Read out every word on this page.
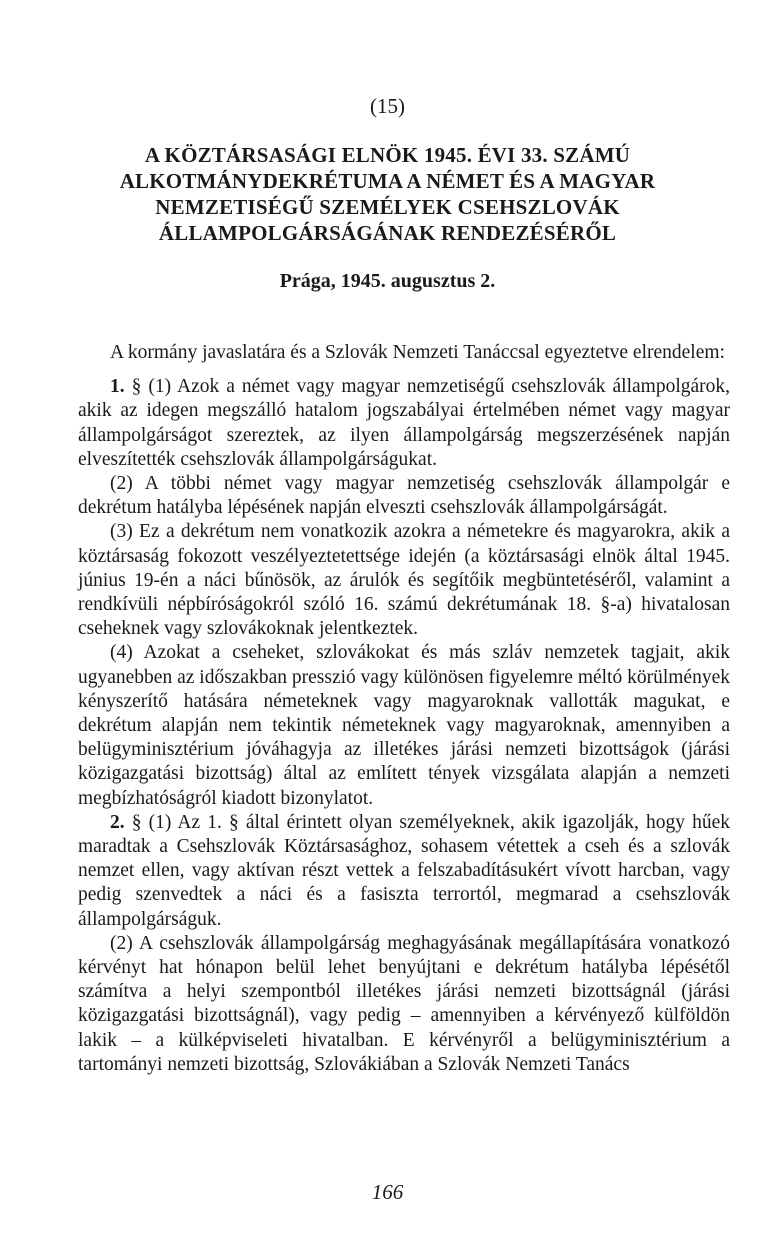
(15)
A KÖZTÁRSASÁGI ELNÖK 1945. ÉVI 33. SZÁMÚ
ALKOTMÁNYDEKRÉTUMA A NÉMET ÉS A MAGYAR
NEMZETISÉGŰ SZEMÉLYEK CSEHSZLOVÁK
ÁLLAMPOLGÁRSÁGÁNAK RENDEZÉSÉRŐL
Prága, 1945. augusztus 2.

A kormány javaslatára és a Szlovák Nemzeti Tanáccsal egyeztetve elrendelem:

1. § (1) Azok a német vagy magyar nemzetiségű csehszlovák állampolgárok, akik az idegen megszálló hatalom jogszabályai értelmében német vagy magyar állampolgárságot szereztek, az ilyen állampolgárság megszerzésének napján elveszítették csehszlovák állampolgárságukat.

(2) A többi német vagy magyar nemzetiség csehszlovák állampolgár e dekrétum hatályba lépésének napján elveszti csehszlovák állampolgárságát.

(3) Ez a dekrétum nem vonatkozik azokra a németekre és magyarokra, akik a köztársaság fokozott veszélyeztetettsége idején (a köztársasági elnök által 1945. június 19-én a náci bűnösök, az árulók és segítőik megbüntetéséről, valamint a rendkívüli népbíróságokról szóló 16. számú dekrétumának 18. §-a) hivatalosan cseheknek vagy szlovákoknak jelentkeztek.

(4) Azokat a cseheket, szlovákokat és más szláv nemzetek tagjait, akik ugyanebben az időszakban presszió vagy különösen figyelemre méltó körülmények kényszerítő hatására németeknek vagy magyaroknak vallották magukat, e dekrétum alapján nem tekintik németeknek vagy magyaroknak, amennyiben a belügyminisztérium jóváhagyja az illetékes járási nemzeti bizottságok (járási közigazgatási bizottság) által az említett tények vizsgálata alapján a nemzeti megbízhatóságról kiadott bizonylatot.

2. § (1) Az 1. § által érintett olyan személyeknek, akik igazolják, hogy hűek maradtak a Csehszlovák Köztársasághoz, sohasem vétettek a cseh és a szlovák nemzet ellen, vagy aktívan részt vettek a felszabadításukért vívott harcban, vagy pedig szenvedtek a náci és a fasiszta terrortól, megmarad a csehszlovák állampolgárságuk.

(2) A csehszlovák állampolgárság meghagyásának megállapítására vonatkozó kérvényt hat hónapon belül lehet benyújtani e dekrétum hatályba lépésétől számítva a helyi szempontból illetékes járási nemzeti bizottságnál (járási közigazgatási bizottságnál), vagy pedig – amennyiben a kérvényező külföldön lakik – a külképviseleti hivatalban. E kérvényről a belügyminisztérium a tartományi nemzeti bizottság, Szlovákiában a Szlovák Nemzeti Tanács

166
